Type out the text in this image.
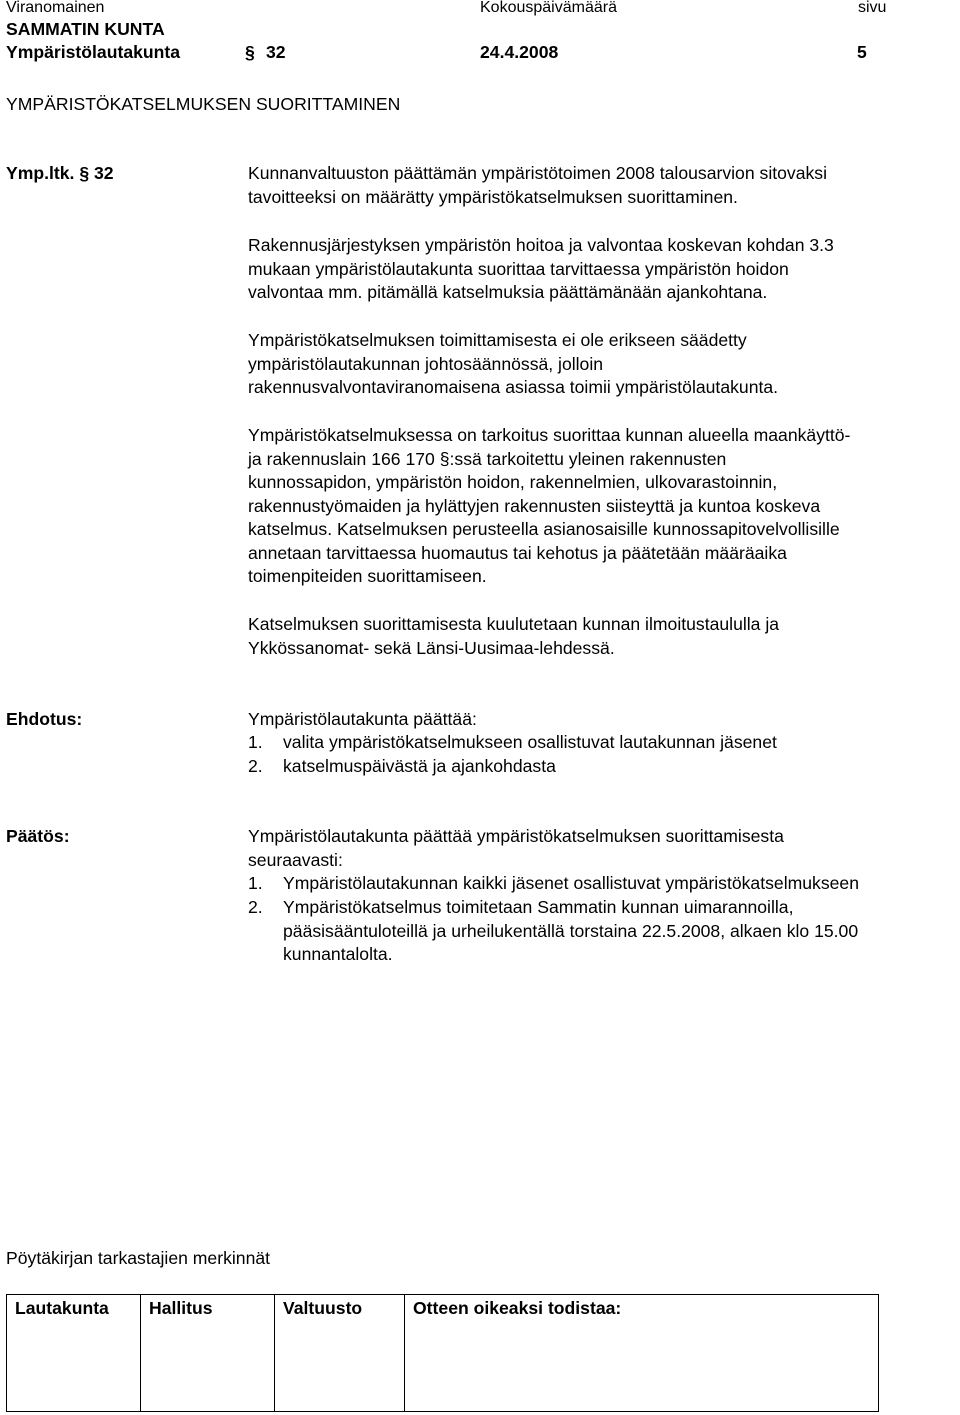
Viranomainen	Kokouspäivämäärä	sivu
SAMMATIN KUNTA
Ympäristölautakunta	§ 32	24.4.2008	5
YMPÄRISTÖKATSELMUKSEN SUORITTAMINEN
Ymp.ltk. § 32	Kunnanvaltuuston päättämän ympäristötoimen 2008 talousarvion sitovaksi
tavoitteeksi on määrätty ympäristökatselmuksen suorittaminen.
Rakennusjärjestyksen ympäristön hoitoa ja valvontaa koskevan kohdan 3.3
mukaan ympäristölautakunta suorittaa tarvittaessa ympäristön hoidon
valvontaa mm. pitämällä katselmuksia päättämänään ajankohtana.
Ympäristökatselmuksen toimittamisesta ei ole erikseen säädetty
ympäristölautakunnan johtosäännössä, jolloin
rakennusvalvontaviranomaisena asiassa toimii ympäristölautakunta.
Ympäristökatselmuksessa on tarkoitus suorittaa kunnan alueella maankäyttö-
ja rakennuslain 166 170 §:ssä tarkoitettu yleinen rakennusten
kunnossapidon, ympäristön hoidon, rakennelmien, ulkovarastoinnin,
rakennustyömaiden ja hylättyjen rakennusten siisteyttä ja kuntoa koskeva
katselmus. Katselmuksen perusteella asianosaisille kunnossapitovelvollisille
annetaan tarvittaessa huomautus tai kehotus ja päätetään määräaika
toimenpiteiden suorittamiseen.
Katselmuksen suorittamisesta kuulutetaan kunnan ilmoitustaululla ja
Ykkössanomat- sekä Länsi-Uusimaa-lehdessä.
Ehdotus:	Ympäristölautakunta päättää:
1. valita ympäristökatselmukseen osallistuvat lautakunnan jäsenet
2. katselmuspäivästä ja ajankohdasta
Päätös:	Ympäristölautakunta päättää ympäristökatselmuksen suorittamisesta
seuraavasti:
1. Ympäristölautakunnan kaikki jäsenet osallistuvat ympäristökatselmukseen
2. Ympäristökatselmus toimitetaan Sammatin kunnan uimarannoilla,
pääsisääntuloteillä ja urheilukentällä torstaina 22.5.2008, alkaen klo 15.00
kunnantalolta.
Pöytäkirjan tarkastajien merkinnät
Lautakunta	Hallitus	Valtuusto	Otteen oikeaksi todistaa:
